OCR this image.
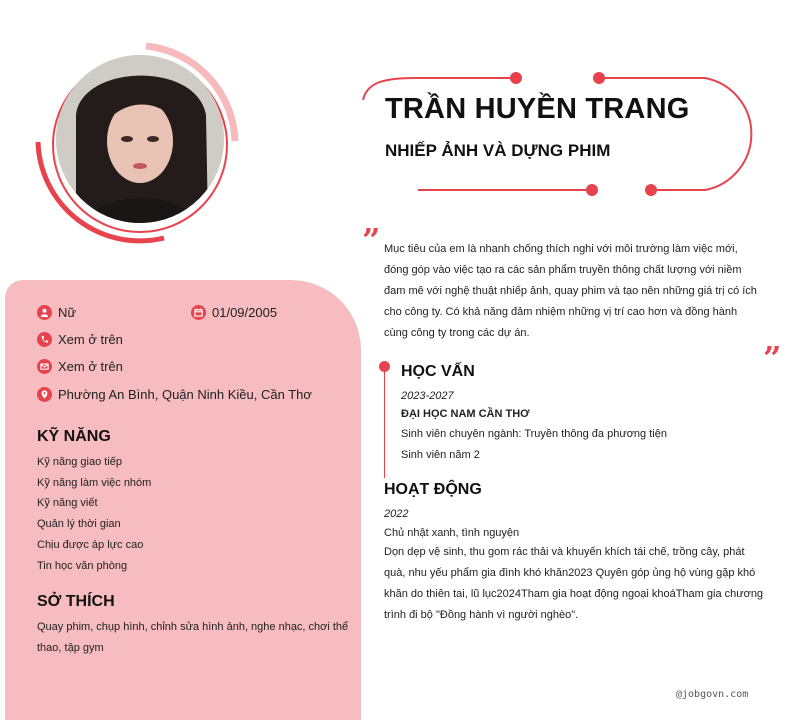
TRẦN HUYỀN TRANG
NHIẾP ẢNH VÀ DỰNG PHIM
Nữ	01/09/2005
Xem ở trên
Xem ở trên
Phường An Bình, Quận Ninh Kiều, Cần Thơ
KỸ NĂNG
Kỹ năng giao tiếp
Kỹ năng làm việc nhóm
Kỹ năng viết
Quản lý thời gian
Chịu được áp lực cao
Tin học văn phòng
SỞ THÍCH
Quay phim, chụp hình, chỉnh sửa hình ảnh, nghe nhạc, chơi thể thao, tập gym
” Mục tiêu của em là nhanh chống thích nghi với môi trường làm việc mới, đóng góp vào việc tạo ra các sản phẩm truyền thông chất lượng với niềm đam mê với nghệ thuật nhiếp ảnh, quay phim và tạo nên những giá trị có ích cho công ty. Có khả năng đảm nhiệm những vị trí cao hơn và đồng hành cùng công ty trong các dự án.
”
HỌC VẤN
2023-2027
ĐẠI HỌC NAM CẦN THƠ
Sinh viên chuyên ngành: Truyền thông đa phương tiện
Sinh viên năm 2
HOẠT ĐỘNG
2022
Chủ nhật xanh, tình nguyện
Dọn dẹp vệ sinh, thu gom rác thải và khuyến khích tái chế, trồng cây, phát quà, nhu yếu phẩm gia đình khó khăn2023 Quyên góp ủng hộ vùng gặp khó khăn do thiên tai, lũ lục2024Tham gia hoạt động ngoại khoáTham gia chương trình đi bộ "Đồng hành vì người nghèo".
@jobgovn.com
